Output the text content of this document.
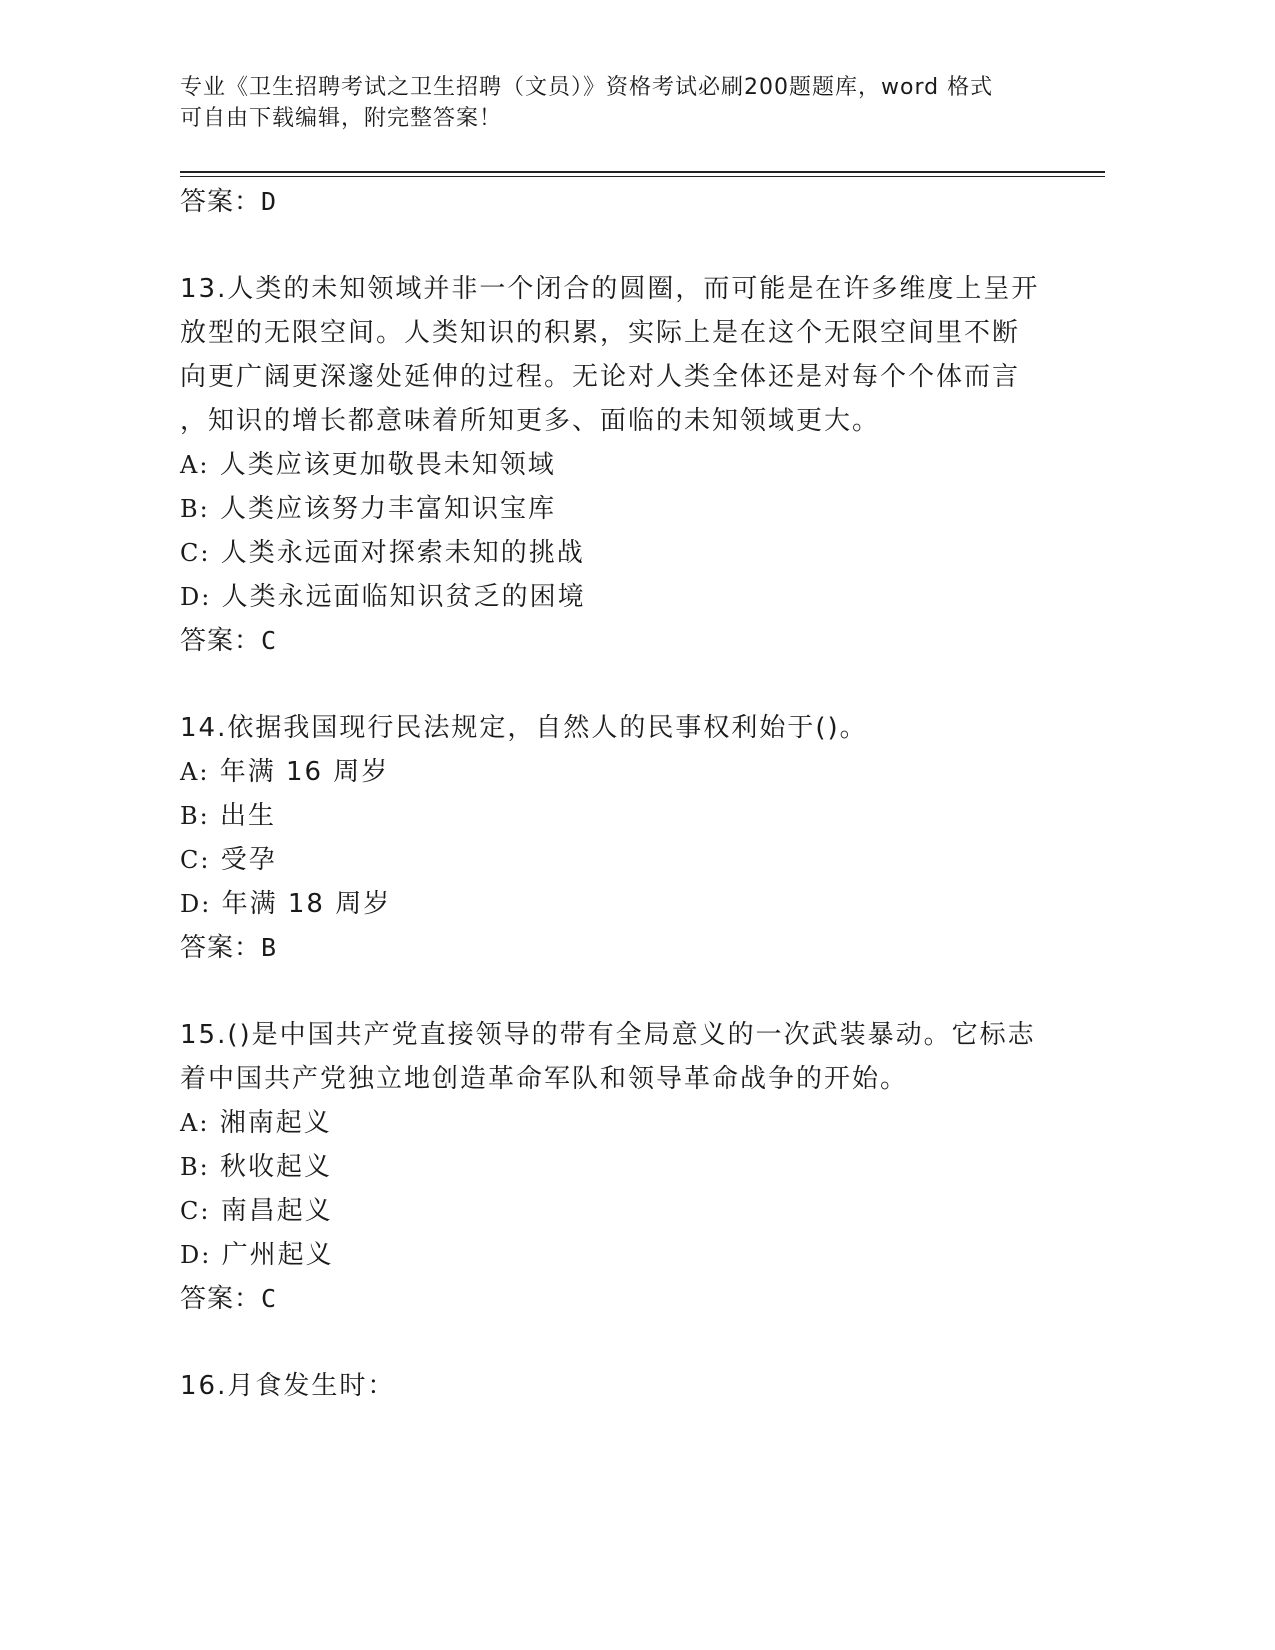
专业《卫生招聘考试之卫生招聘（文员）》资格考试必刷200题题库，word 格式
可自由下载编辑，附完整答案！

答案：D

13.人类的未知领域并非一个闭合的圆圈，而可能是在许多维度上呈开

放型的无限空间。人类知识的积累，实际上是在这个无限空间里不断

向更广阔更深邃处延伸的过程。无论对人类全体还是对每个个体而言

，知识的增长都意味着所知更多、面临的未知领域更大。

A: 人类应该更加敬畏未知领域

B: 人类应该努力丰富知识宝库

C: 人类永远面对探索未知的挑战

D: 人类永远面临知识贫乏的困境

答案：C

14.依据我国现行民法规定，自然人的民事权利始于()。

A: 年满 16 周岁

B: 出生

C: 受孕

D: 年满 18 周岁

答案：B

15.()是中国共产党直接领导的带有全局意义的一次武装暴动。它标志

着中国共产党独立地创造革命军队和领导革命战争的开始。

A: 湘南起义

B: 秋收起义

C: 南昌起义

D: 广州起义

答案：C

16.月食发生时：
